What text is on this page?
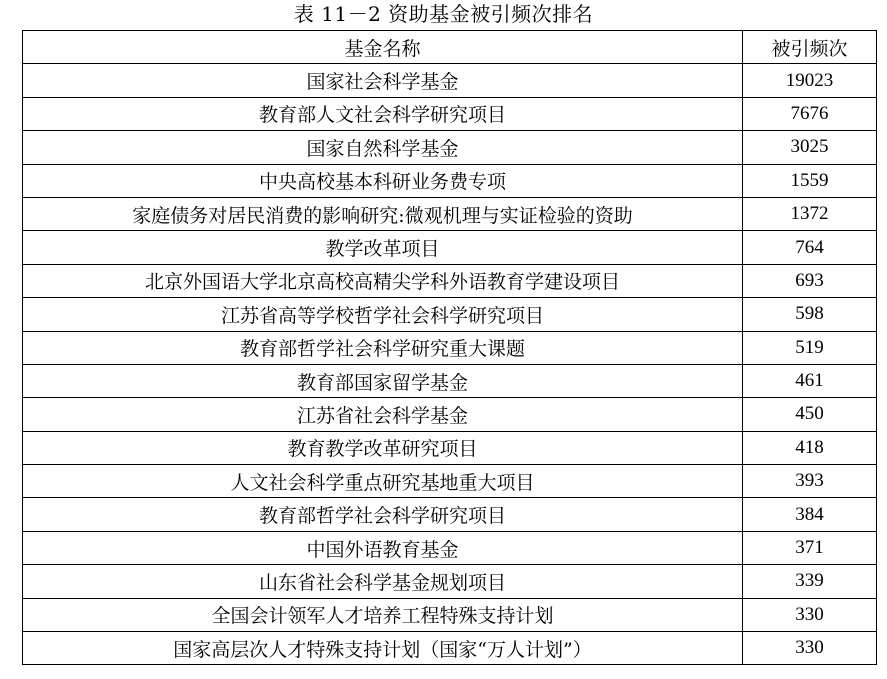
表 11－2 资助基金被引频次排名
基金名称	被引频次
国家社会科学基金	19023
教育部人文社会科学研究项目	7676
国家自然科学基金	3025
中央高校基本科研业务费专项	1559
家庭债务对居民消费的影响研究:微观机理与实证检验的资助	1372
教学改革项目	764
北京外国语大学北京高校高精尖学科外语教育学建设项目	693
江苏省高等学校哲学社会科学研究项目	598
教育部哲学社会科学研究重大课题	519
教育部国家留学基金	461
江苏省社会科学基金	450
教育教学改革研究项目	418
人文社会科学重点研究基地重大项目	393
教育部哲学社会科学研究项目	384
中国外语教育基金	371
山东省社会科学基金规划项目	339
全国会计领军人才培养工程特殊支持计划	330
国家高层次人才特殊支持计划（国家“万人计划”）	330
